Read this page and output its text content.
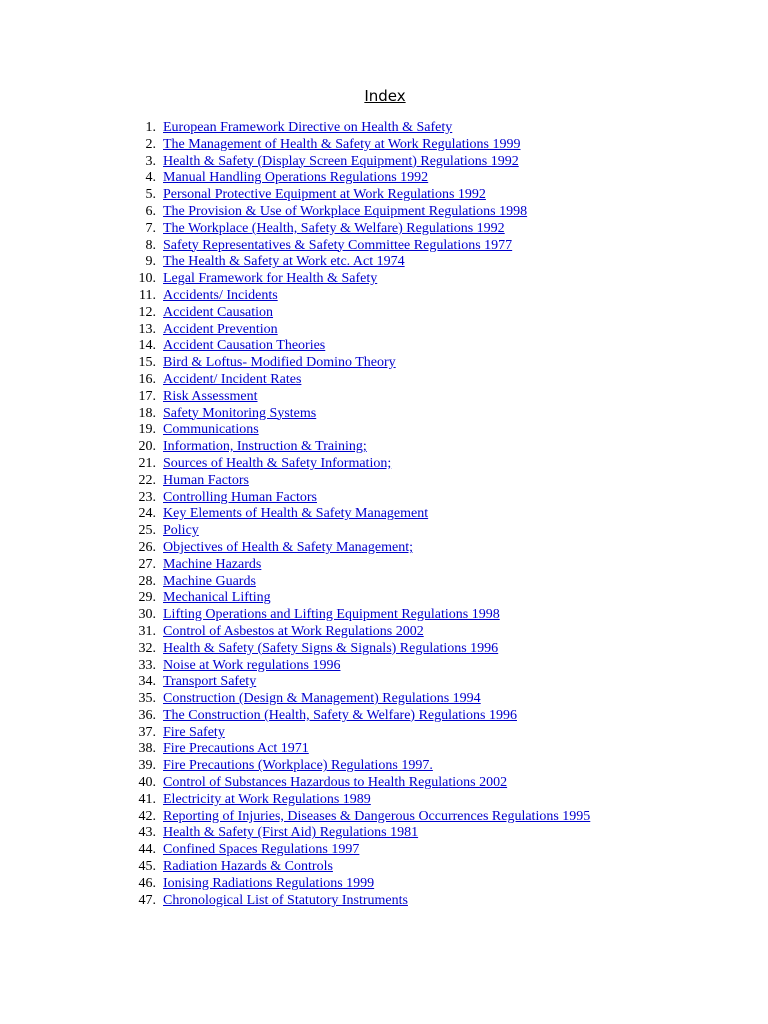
Index
1. European Framework Directive on Health & Safety
2. The Management of Health & Safety at Work Regulations 1999
3. Health & Safety (Display Screen Equipment) Regulations 1992
4. Manual Handling Operations Regulations 1992
5. Personal Protective Equipment at Work Regulations 1992
6. The Provision & Use of Workplace Equipment Regulations 1998
7. The Workplace (Health, Safety & Welfare) Regulations 1992
8. Safety Representatives & Safety Committee Regulations 1977
9. The Health & Safety at Work etc. Act 1974
10. Legal Framework for Health & Safety
11. Accidents/ Incidents
12. Accident Causation
13. Accident Prevention
14. Accident Causation Theories
15. Bird & Loftus- Modified Domino Theory
16. Accident/ Incident Rates
17. Risk Assessment
18. Safety Monitoring Systems
19. Communications
20. Information, Instruction & Training;
21. Sources of Health & Safety Information;
22. Human Factors
23. Controlling Human Factors
24. Key Elements of Health & Safety Management
25. Policy
26. Objectives of Health & Safety Management;
27. Machine Hazards
28. Machine Guards
29. Mechanical Lifting
30. Lifting Operations and Lifting Equipment Regulations 1998
31. Control of Asbestos at Work Regulations 2002
32. Health & Safety (Safety Signs & Signals) Regulations 1996
33. Noise at Work regulations 1996
34. Transport Safety
35. Construction (Design & Management) Regulations 1994
36. The Construction (Health, Safety & Welfare) Regulations 1996
37. Fire Safety
38. Fire Precautions Act 1971
39. Fire Precautions (Workplace) Regulations 1997.
40. Control of Substances Hazardous to Health Regulations 2002
41. Electricity at Work Regulations 1989
42. Reporting of Injuries, Diseases & Dangerous Occurrences Regulations 1995
43. Health & Safety (First Aid) Regulations 1981
44. Confined Spaces Regulations 1997
45. Radiation Hazards & Controls
46. Ionising Radiations Regulations 1999
47. Chronological List of Statutory Instruments
